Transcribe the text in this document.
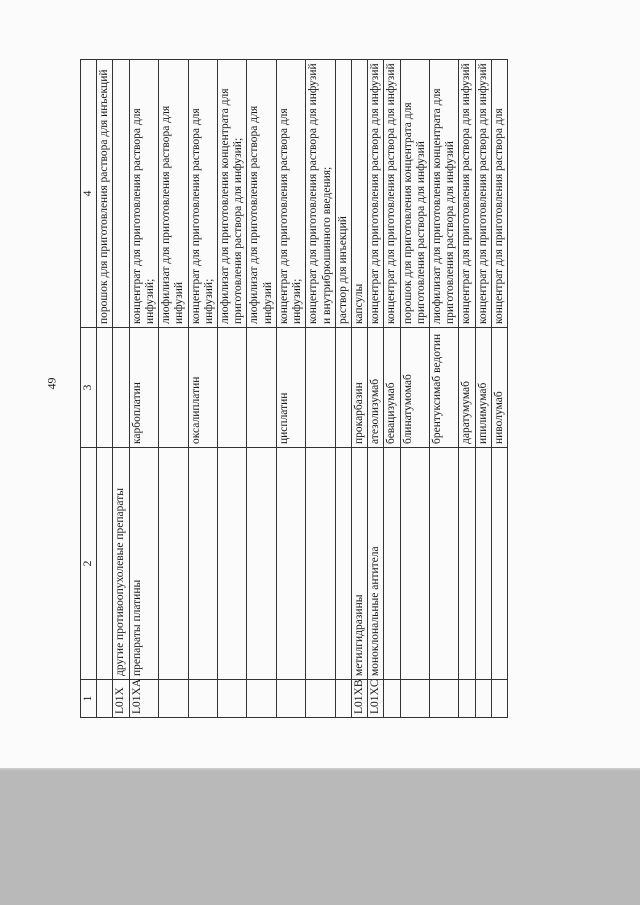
49
1	2	3	4
			порошок для приготовления раствора для инъекций
L01X	другие противоопухолевые препараты		
L01XA	препараты платины	карбоплатин	концентрат для приготовления раствора для инфузий;
			лиофилизат для приготовления раствора для инфузий
		оксалиплатин	концентрат для приготовления раствора для инфузий;
			лиофилизат для приготовления концентрата для приготовления раствора для инфузий;
			лиофилизат для приготовления раствора для инфузий
		цисплатин	концентрат для приготовления раствора для инфузий;
			концентрат для приготовления раствора для инфузий и внутрибрюшинного введения;
			раствор для инъекций
L01XB	метилгидразины	прокарбазин	капсулы
L01XC	моноклональные антитела	атезолизумаб	концентрат для приготовления раствора для инфузий
		бевацизумаб	концентрат для приготовления раствора для инфузий
		блинатумомаб	порошок для приготовления концентрата для приготовления раствора для инфузий
		брентуксимаб ведотин	лиофилизат для приготовления концентрата для приготовления раствора для инфузий
		даратумумаб	концентрат для приготовления раствора для инфузий
		ипилимумаб	концентрат для приготовления раствора для инфузий
		ниволумаб	концентрат для приготовления раствора для
